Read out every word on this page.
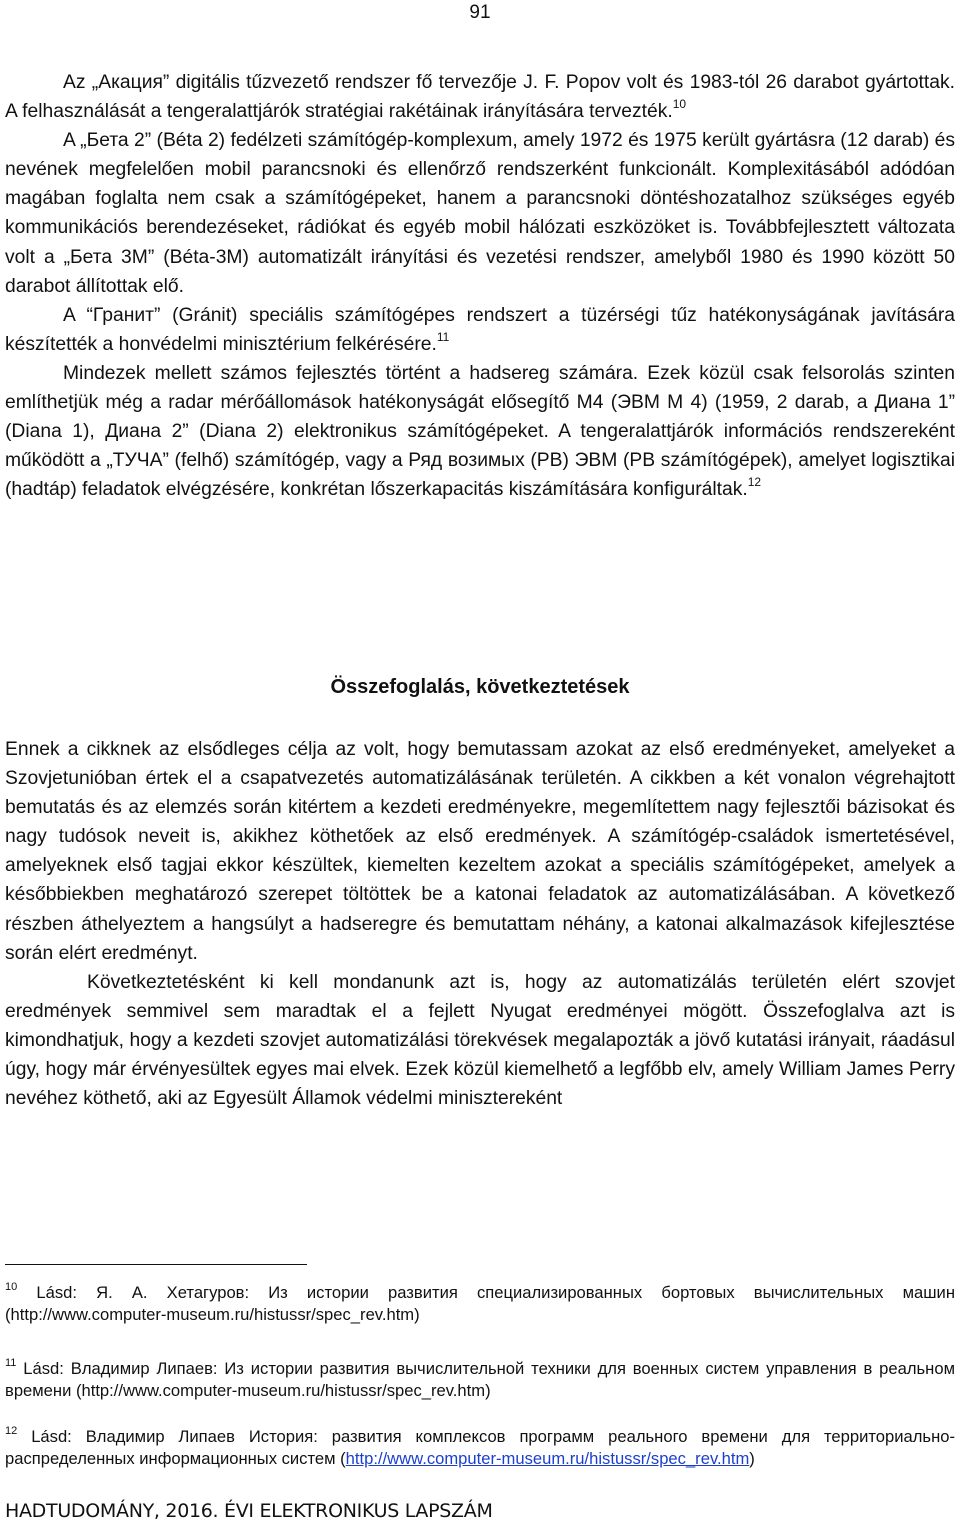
91

Az „Акация” digitális tűzvezető rendszer fő tervezője J. F. Popov volt és 1983-tól 26 darabot gyártottak. A felhasználását a tengeralattjárók stratégiai rakétáinak irányítására tervezték.$^{10}$

A „Бета 2” (Béta 2) fedélzeti számítógép-komplexum, amely 1972 és 1975 került gyártásra (12 darab) és nevének megfelelően mobil parancsnoki és ellenőrző rendszerként funkcionált. Komplexitásából adódóan magában foglalta nem csak a számítógépeket, hanem a parancsnoki döntéshozatalhoz szükséges egyéb kommunikációs berendezéseket, rádiókat és egyéb mobil hálózati eszközöket is. Továbbfejlesztett változata volt a „Бета 3М” (Béta-3M) automatizált irányítási és vezetési rendszer, amelyből 1980 és 1990 között 50 darabot állítottak elő.

A “Гранит” (Gránit) speciális számítógépes rendszert a tüzérségi tűz hatékonyságának javítására készítették a honvédelmi minisztérium felkérésére.$^{11}$

Mindezek mellett számos fejlesztés történt a hadsereg számára. Ezek közül csak felsorolás szinten említhetjük még a radar mérőállomások hatékonyságát elősegítő M4 (ЭВМ М 4) (1959, 2 darab, a Диана 1” (Diana 1), Диана 2” (Diana 2) elektronikus számítógépeket. A tengeralattjárók információs rendszereként működött a „ТУЧА” (felhő) számítógép, vagy a Ряд возимых (РВ) ЭВМ (РВ számítógépek), amelyet logisztikai (hadtáp) feladatok elvégzésére, konkrétan lőszerkapacitás kiszámítására konfiguráltak.$^{12}$

Összefoglalás, következtetések

Ennek a cikknek az elsődleges célja az volt, hogy bemutassam azokat az első eredményeket, amelyeket a Szovjetunióban értek el a csapatvezetés automatizálásának területén. A cikkben a két vonalon végrehajtott bemutatás és az elemzés során kitértem a kezdeti eredményekre, megemlítettem nagy fejlesztői bázisokat és nagy tudósok neveit is, akikhez köthetőek az első eredmények. A számítógép-családok ismertetésével, amelyeknek első tagjai ekkor készültek, kiemelten kezeltem azokat a speciális számítógépeket, amelyek a későbbiekben meghatározó szerepet töltöttek be a katonai feladatok az automatizálásában. A következő részben áthelyeztem a hangsúlyt a hadseregre és bemutattam néhány, a katonai alkalmazások kifejlesztése során elért eredményt.

Következtetésként ki kell mondanunk azt is, hogy az automatizálás területén elért szovjet eredmények semmivel sem maradtak el a fejlett Nyugat eredményei mögött. Összefoglalva azt is kimondhatjuk, hogy a kezdeti szovjet automatizálási törekvések megalapozták a jövő kutatási irányait, ráadásul úgy, hogy már érvényesültek egyes mai elvek. Ezek közül kiemelhető a legfőbb elv, amely William James Perry nevéhez köthető, aki az Egyesült Államok védelmi minisztereként

$^{10}$ Lásd: Я. А. Хетагуров: Из истории развития специализированных бортовых вычислительных машин (http://www.computer-museum.ru/histussr/spec_rev.htm)
$^{11}$ Lásd: Владимир Липаев: Из истории развития вычислительной техники для военных систем управления в реальном времени (http://www.computer-museum.ru/histussr/spec_rev.htm)
$^{12}$ Lásd: Владимир Липаев История: развития комплексов программ реального времени для территориально-распределенных информационных систем (http://www.computer-museum.ru/histussr/spec_rev.htm)
HADTUDOMÁNY, 2016. ÉVI ELEKTRONIKUS LAPSZÁM
